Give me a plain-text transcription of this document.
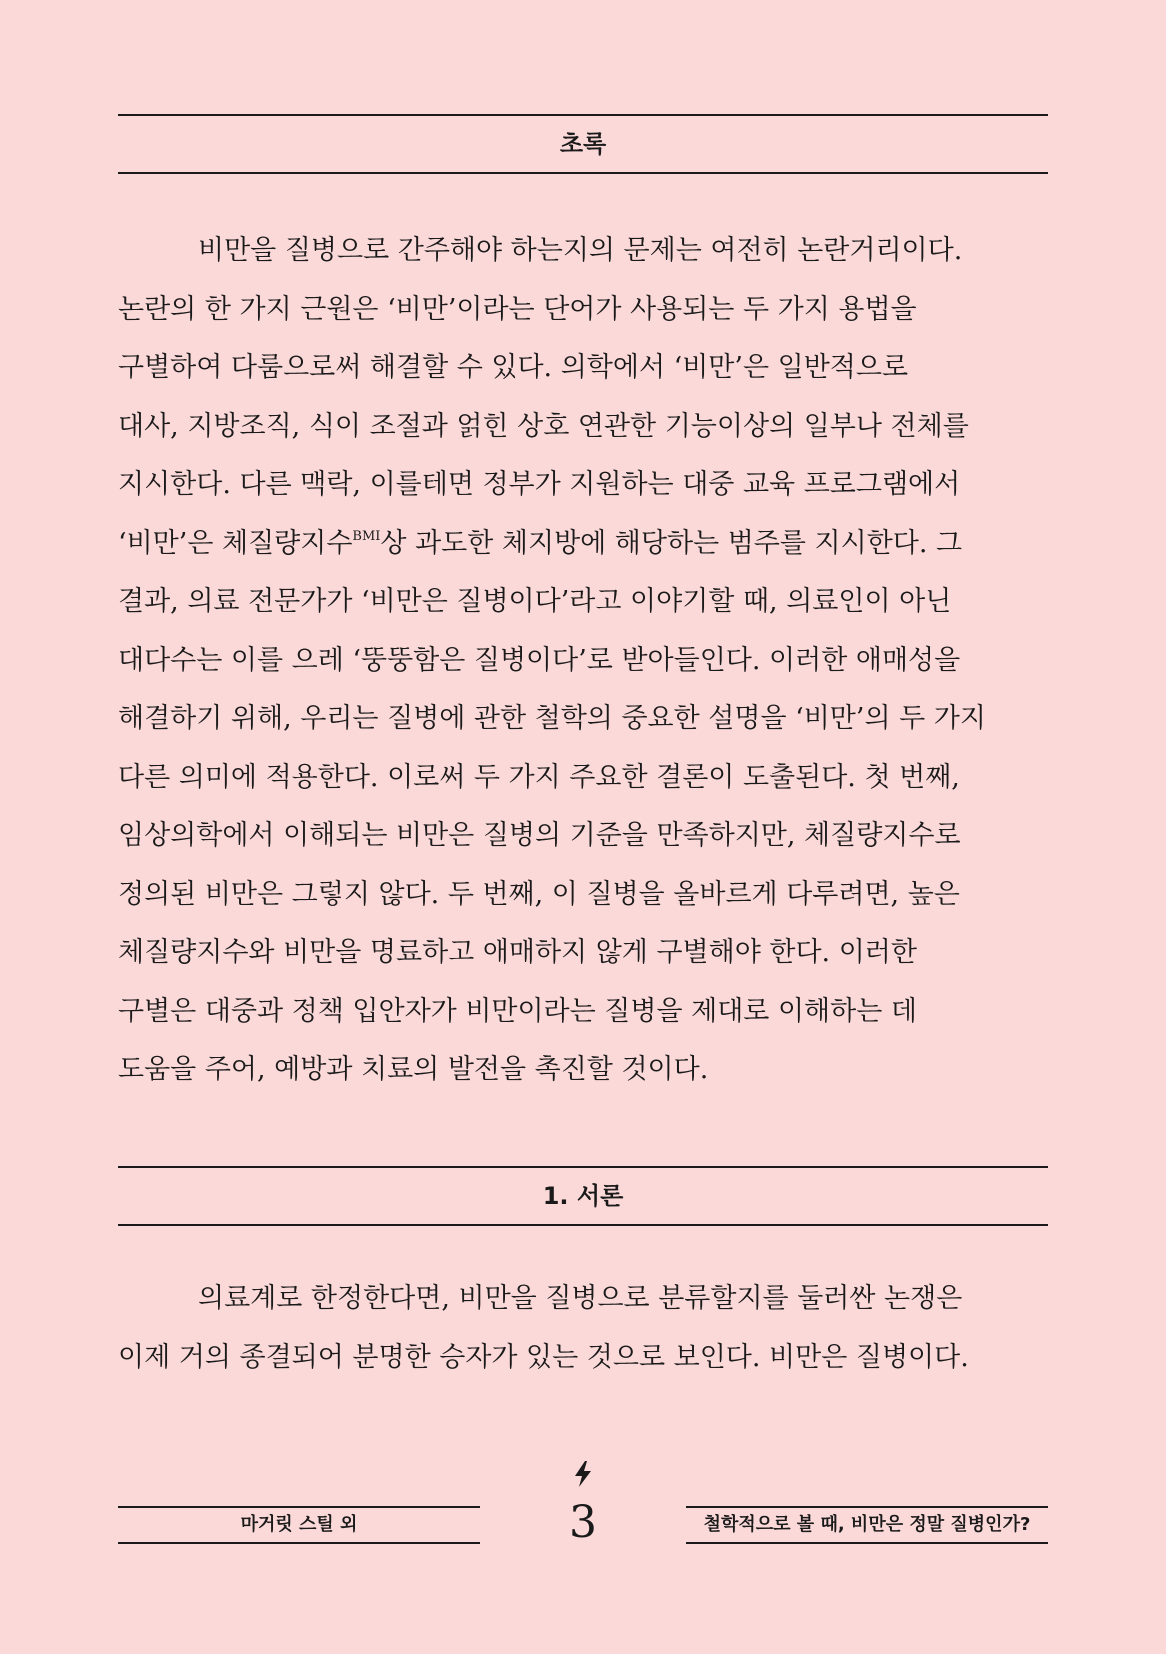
초록
비만을 질병으로 간주해야 하는지의 문제는 여전히 논란거리이다.
논란의 한 가지 근원은 ‘비만’이라는 단어가 사용되는 두 가지 용법을
구별하여 다룸으로써 해결할 수 있다. 의학에서 ‘비만’은 일반적으로
대사, 지방조직, 식이 조절과 얽힌 상호 연관한 기능이상의 일부나 전체를
지시한다. 다른 맥락, 이를테면 정부가 지원하는 대중 교육 프로그램에서
‘비만’은 체질량지수$^{BMI}$상 과도한 체지방에 해당하는 범주를 지시한다. 그
결과, 의료 전문가가 ‘비만은 질병이다’라고 이야기할 때, 의료인이 아닌
대다수는 이를 으레 ‘뚱뚱함은 질병이다’로 받아들인다. 이러한 애매성을
해결하기 위해, 우리는 질병에 관한 철학의 중요한 설명을 ‘비만’의 두 가지
다른 의미에 적용한다. 이로써 두 가지 주요한 결론이 도출된다. 첫 번째,
임상의학에서 이해되는 비만은 질병의 기준을 만족하지만, 체질량지수로
정의된 비만은 그렇지 않다. 두 번째, 이 질병을 올바르게 다루려면, 높은
체질량지수와 비만을 명료하고 애매하지 않게 구별해야 한다. 이러한
구별은 대중과 정책 입안자가 비만이라는 질병을 제대로 이해하는 데
도움을 주어, 예방과 치료의 발전을 촉진할 것이다.
1. 서론
의료계로 한정한다면, 비만을 질병으로 분류할지를 둘러싼 논쟁은
이제 거의 종결되어 분명한 승자가 있는 것으로 보인다. 비만은 질병이다.
마거릿 스틸 외	3	철학적으로 볼 때, 비만은 정말 질병인가?
